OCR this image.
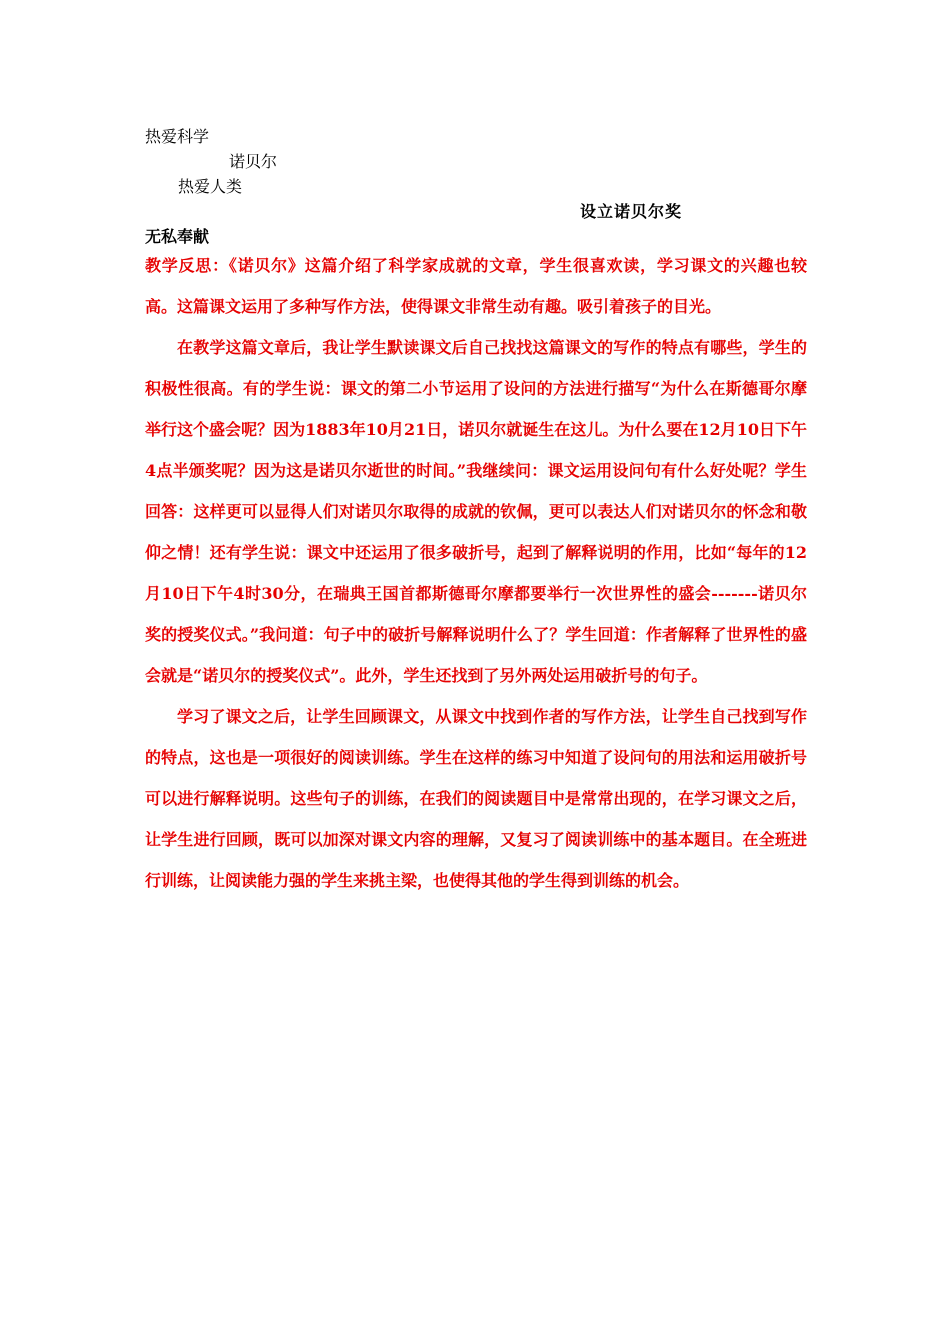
热爱科学
诺贝尔
热爱人类
设立诺贝尔奖
无私奉献

教学反思：《诺贝尔》这篇介绍了科学家成就的文章，学生很喜欢读，学习课文的兴趣也较高。这篇课文运用了多种写作方法，使得课文非常生动有趣。吸引着孩子的目光。

在教学这篇文章后，我让学生默读课文后自己找找这篇课文的写作的特点有哪些，学生的积极性很高。有的学生说：课文的第二小节运用了设问的方法进行描写“为什么在斯德哥尔摩举行这个盛会呢？因为1883年10月21日，诺贝尔就诞生在这儿。为什么要在12月10日下午4点半颁奖呢？因为这是诺贝尔逝世的时间。”我继续问：课文运用设问句有什么好处呢？学生回答：这样更可以显得人们对诺贝尔取得的成就的钦佩，更可以表达人们对诺贝尔的怀念和敬仰之情！还有学生说：课文中还运用了很多破折号，起到了解释说明的作用，比如“每年的12月10日下午4时30分，在瑞典王国首都斯德哥尔摩都要举行一次世界性的盛会-------诺贝尔奖的授奖仪式。”我问道：句子中的破折号解释说明什么了？学生回道：作者解释了世界性的盛会就是“诺贝尔的授奖仪式”。此外，学生还找到了另外两处运用破折号的句子。

学习了课文之后，让学生回顾课文，从课文中找到作者的写作方法，让学生自己找到写作的特点，这也是一项很好的阅读训练。学生在这样的练习中知道了设问句的用法和运用破折号可以进行解释说明。这些句子的训练，在我们的阅读题目中是常常出现的，在学习课文之后，让学生进行回顾，既可以加深对课文内容的理解，又复习了阅读训练中的基本题目。在全班进行训练，让阅读能力强的学生来挑主梁，也使得其他的学生得到训练的机会。
